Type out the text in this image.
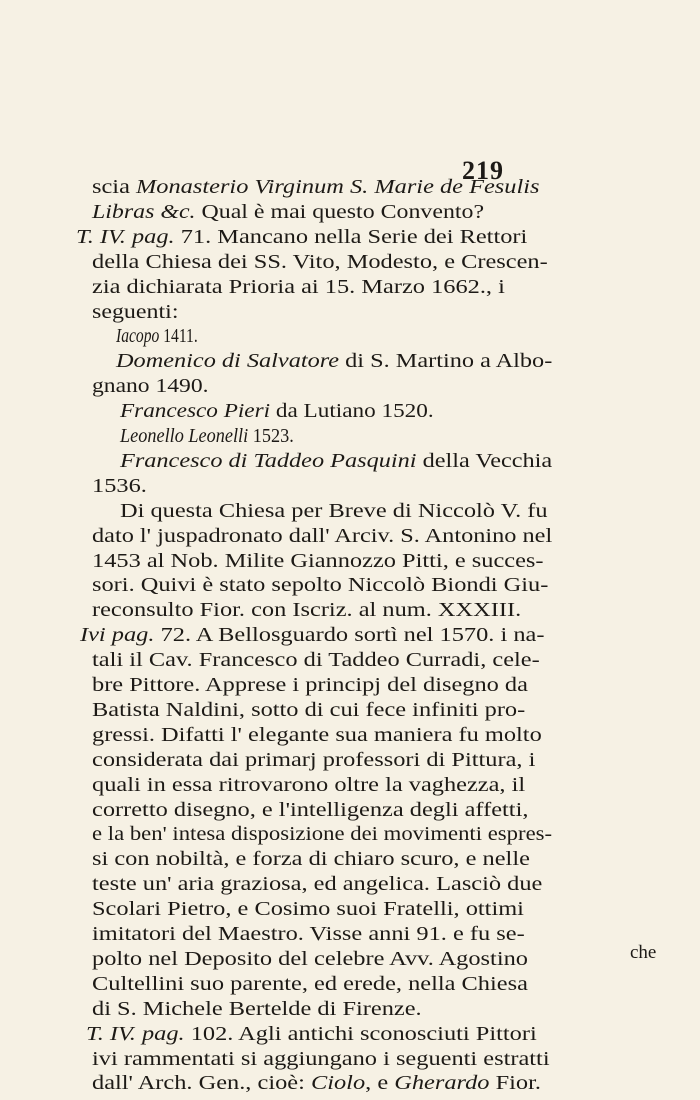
219
scia Monasterio Virginum S. Marie de Fesulis
Libras &c. Qual è mai questo Convento?
T. IV. pag. 71. Mancano nella Serie dei Rettori
della Chiesa dei SS. Vito, Modesto, e Crescen-
zia dichiarata Prioria ai 15. Marzo 1662., i
seguenti:
Iacopo 1411.
Domenico di Salvatore di S. Martino a Albo-
gnano 1490.
Francesco Pieri da Lutiano 1520.
Leonello Leonelli 1523.
Francesco di Taddeo Pasquini della Vecchia
1536.
Di questa Chiesa per Breve di Niccolò V. fu
dato l' juspadronato dall' Arciv. S. Antonino nel
1453 al Nob. Milite Giannozzo Pitti, e succes-
sori. Quivi è stato sepolto Niccolò Biondi Giu-
reconsulto Fior. con Iscriz. al num. XXXIII.
Ivi pag. 72. A Bellosguardo sortì nel 1570. i na-
tali il Cav. Francesco di Taddeo Curradi, cele-
bre Pittore. Apprese i principj del disegno da
Batista Naldini, sotto di cui fece infiniti pro-
gressi. Difatti l' elegante sua maniera fu molto
considerata dai primarj professori di Pittura, i
quali in essa ritrovarono oltre la vaghezza, il
corretto disegno, e l'intelligenza degli affetti,
e la ben' intesa disposizione dei movimenti espres-
si con nobiltà, e forza di chiaro scuro, e nelle
teste un' aria graziosa, ed angelica. Lasciò due
Scolari Pietro, e Cosimo suoi Fratelli, ottimi
imitatori del Maestro. Visse anni 91. e fu se-
polto nel Deposito del celebre Avv. Agostino
Cultellini suo parente, ed erede, nella Chiesa
di S. Michele Bertelde di Firenze.
T. IV. pag. 102. Agli antichi sconosciuti Pittori
ivi rammentati si aggiungano i seguenti estratti
dall' Arch. Gen., cioè: Ciolo, e Gherardo Fior.
che
